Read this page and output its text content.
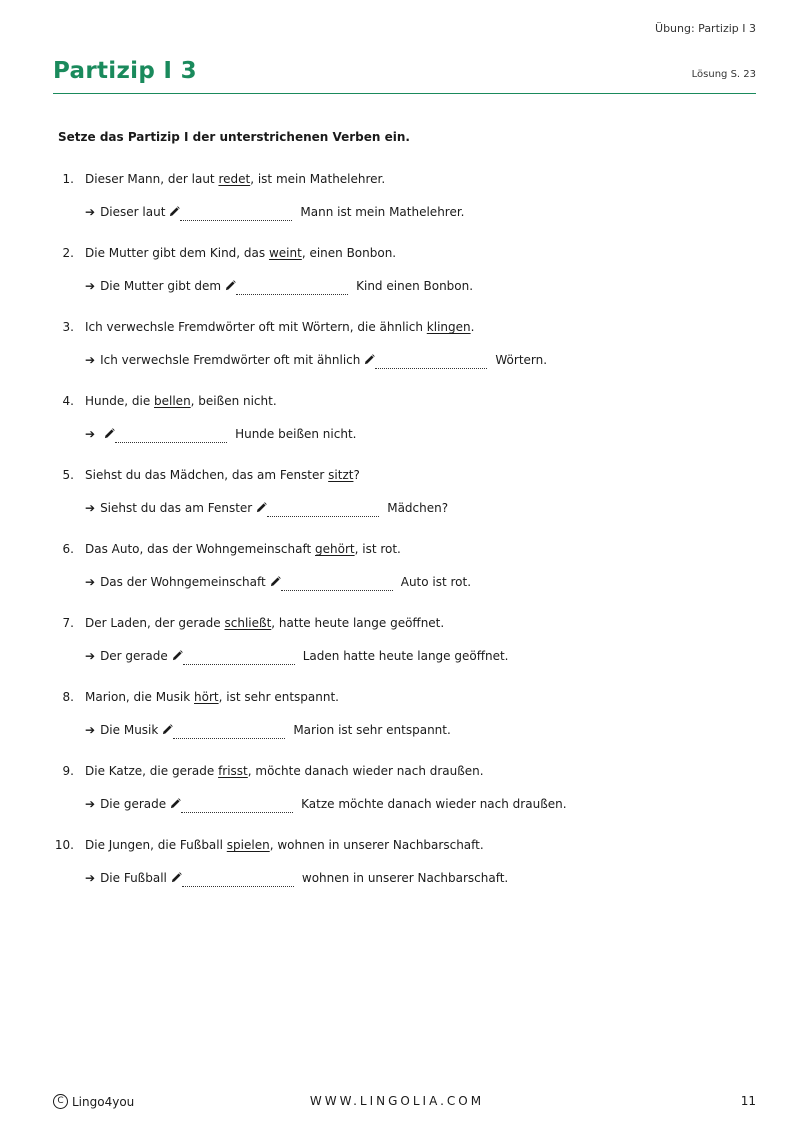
Übung: Partizip I 3
Partizip I 3	Lösung S. 23
Setze das Partizip I der unterstrichenen Verben ein.
1. Dieser Mann, der laut redet, ist mein Mathelehrer.
➔ Dieser laut	Mann ist mein Mathelehrer.
2. Die Mutter gibt dem Kind, das weint, einen Bonbon.
➔ Die Mutter gibt dem	Kind einen Bonbon.
3. Ich verwechsle Fremdwörter oft mit Wörtern, die ähnlich klingen.
➔ Ich verwechsle Fremdwörter oft mit ähnlich	Wörtern.
4. Hunde, die bellen, beißen nicht.
➔	Hunde beißen nicht.
5. Siehst du das Mädchen, das am Fenster sitzt?
➔ Siehst du das am Fenster	Mädchen?
6. Das Auto, das der Wohngemeinschaft gehört, ist rot.
➔ Das der Wohngemeinschaft	Auto ist rot.
7. Der Laden, der gerade schließt, hatte heute lange geöffnet.
➔ Der gerade	Laden hatte heute lange geöffnet.
8. Marion, die Musik hört, ist sehr entspannt.
➔ Die Musik	Marion ist sehr entspannt.
9. Die Katze, die gerade frisst, möchte danach wieder nach draußen.
➔ Die gerade	Katze möchte danach wieder nach draußen.
10. Die Jungen, die Fußball spielen, wohnen in unserer Nachbarschaft.
➔ Die Fußball	wohnen in unserer Nachbarschaft.
C Lingo4you	WWW.LINGOLIA.COM	11
